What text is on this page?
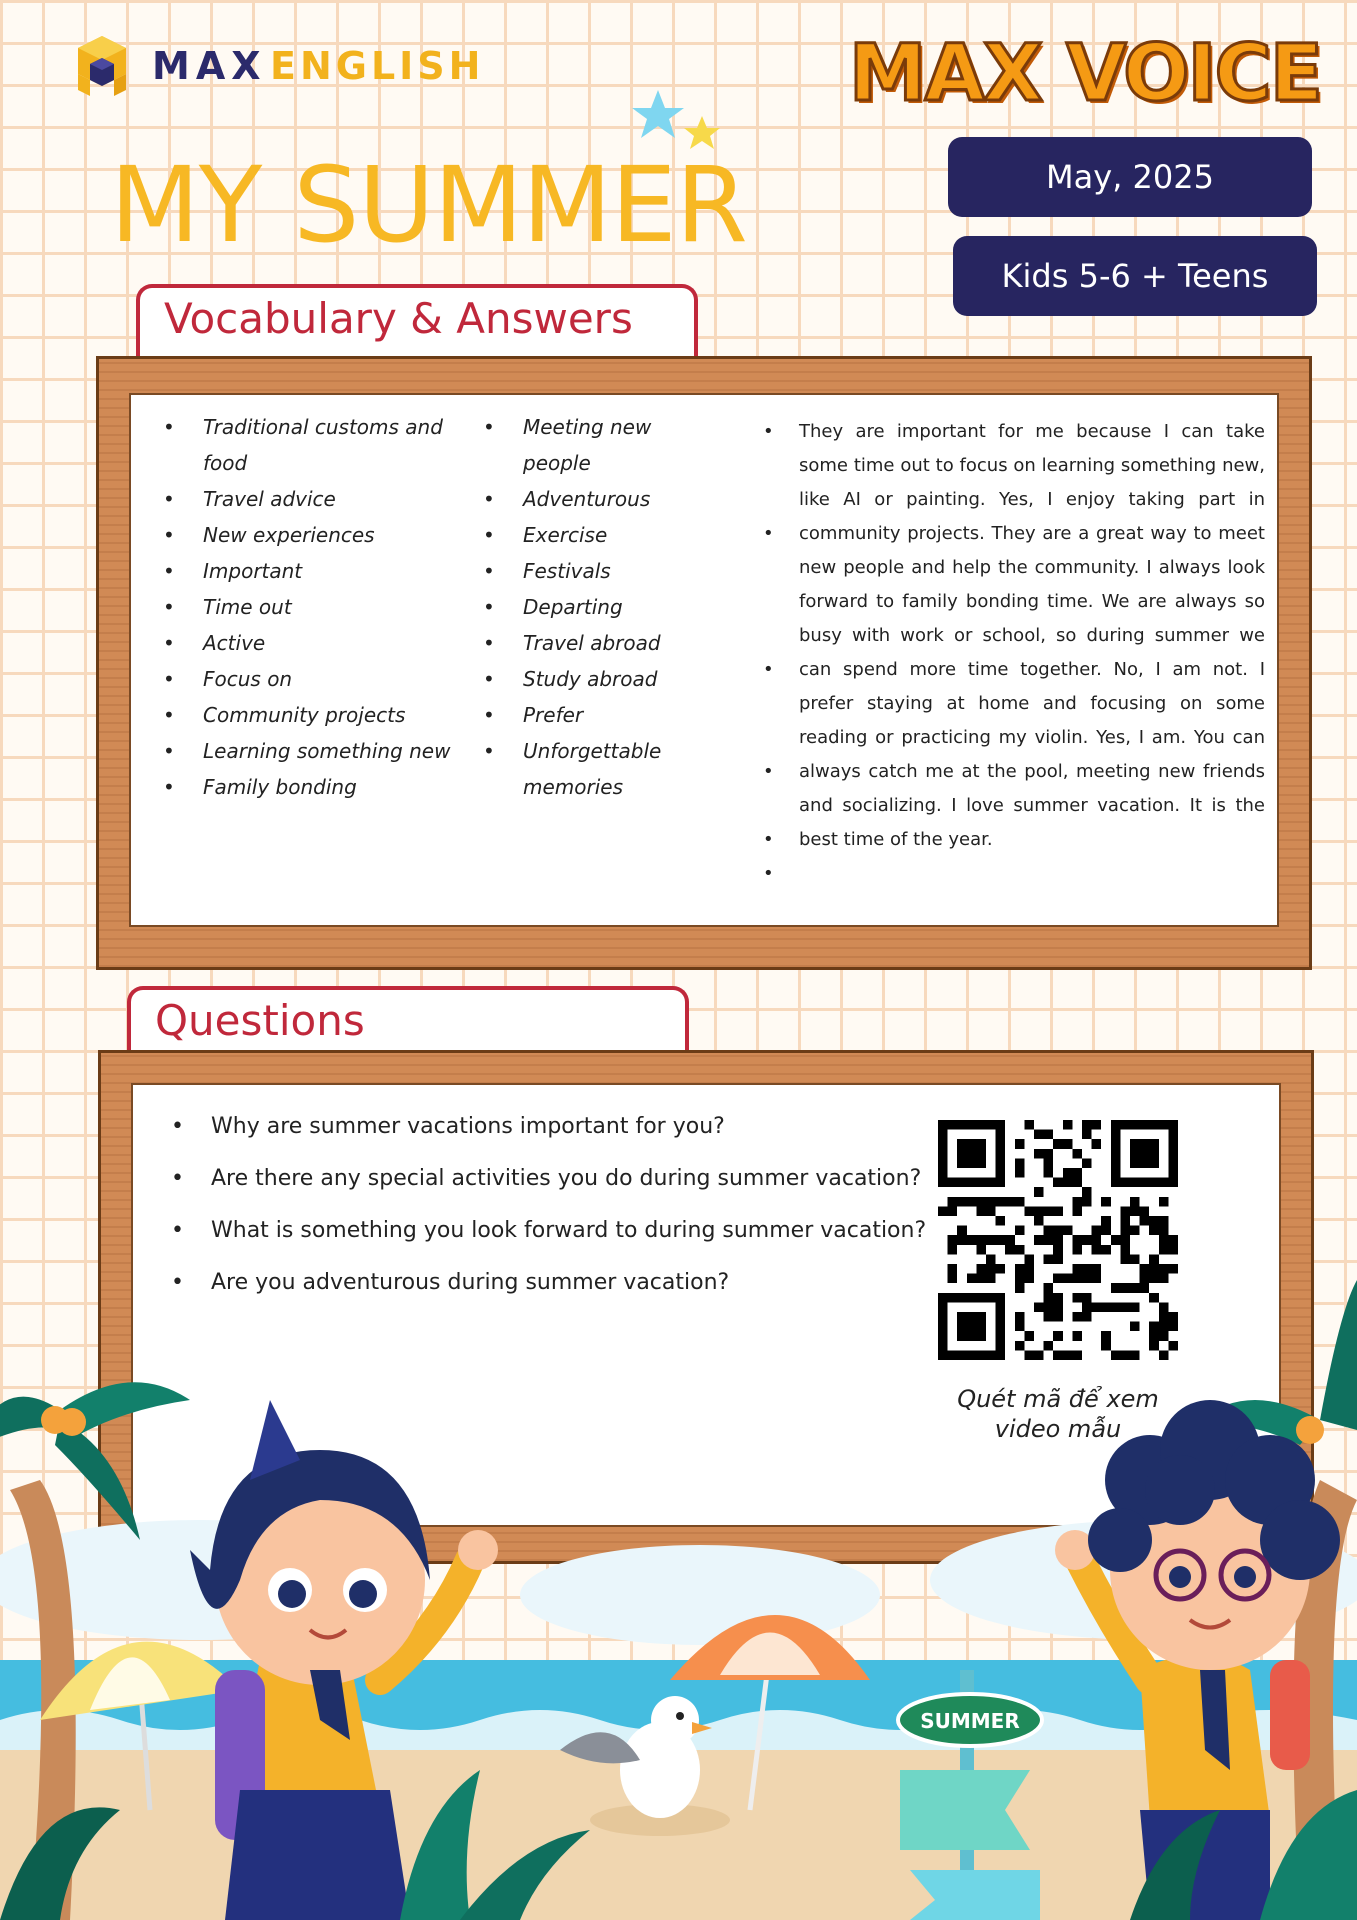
MAX ENGLISH	MAX VOICE
MY SUMMER	May, 2025
Kids 5-6 + Teens
Vocabulary & Answers
• Traditional customs and food
• Travel advice
• New experiences
• Important
• Time out
• Active
• Focus on
• Community projects
• Learning something new
• Family bonding
• Meeting new people
• Adventurous
• Exercise
• Festivals
• Departing
• Travel abroad
• Study abroad
• Prefer
• Unforgettable memories
•
•
•
•
•
•
They are important for me because I can take some time out to focus on learning something new, like AI or painting. Yes, I enjoy taking part in community projects. They are a great way to meet new people and help the community. I always look forward to family bonding time. We are always so busy with work or school, so during summer we can spend more time together. No, I am not. I prefer staying at home and focusing on some reading or practicing my violin. Yes, I am. You can always catch me at the pool, meeting new friends and socializing. I love summer vacation. It is the best time of the year.
Questions
• Why are summer vacations important for you?
• Are there any special activities you do during summer vacation?
• What is something you look forward to during summer vacation?
• Are you adventurous during summer vacation?
Quét mã để xem
video mẫu
SUMMER
